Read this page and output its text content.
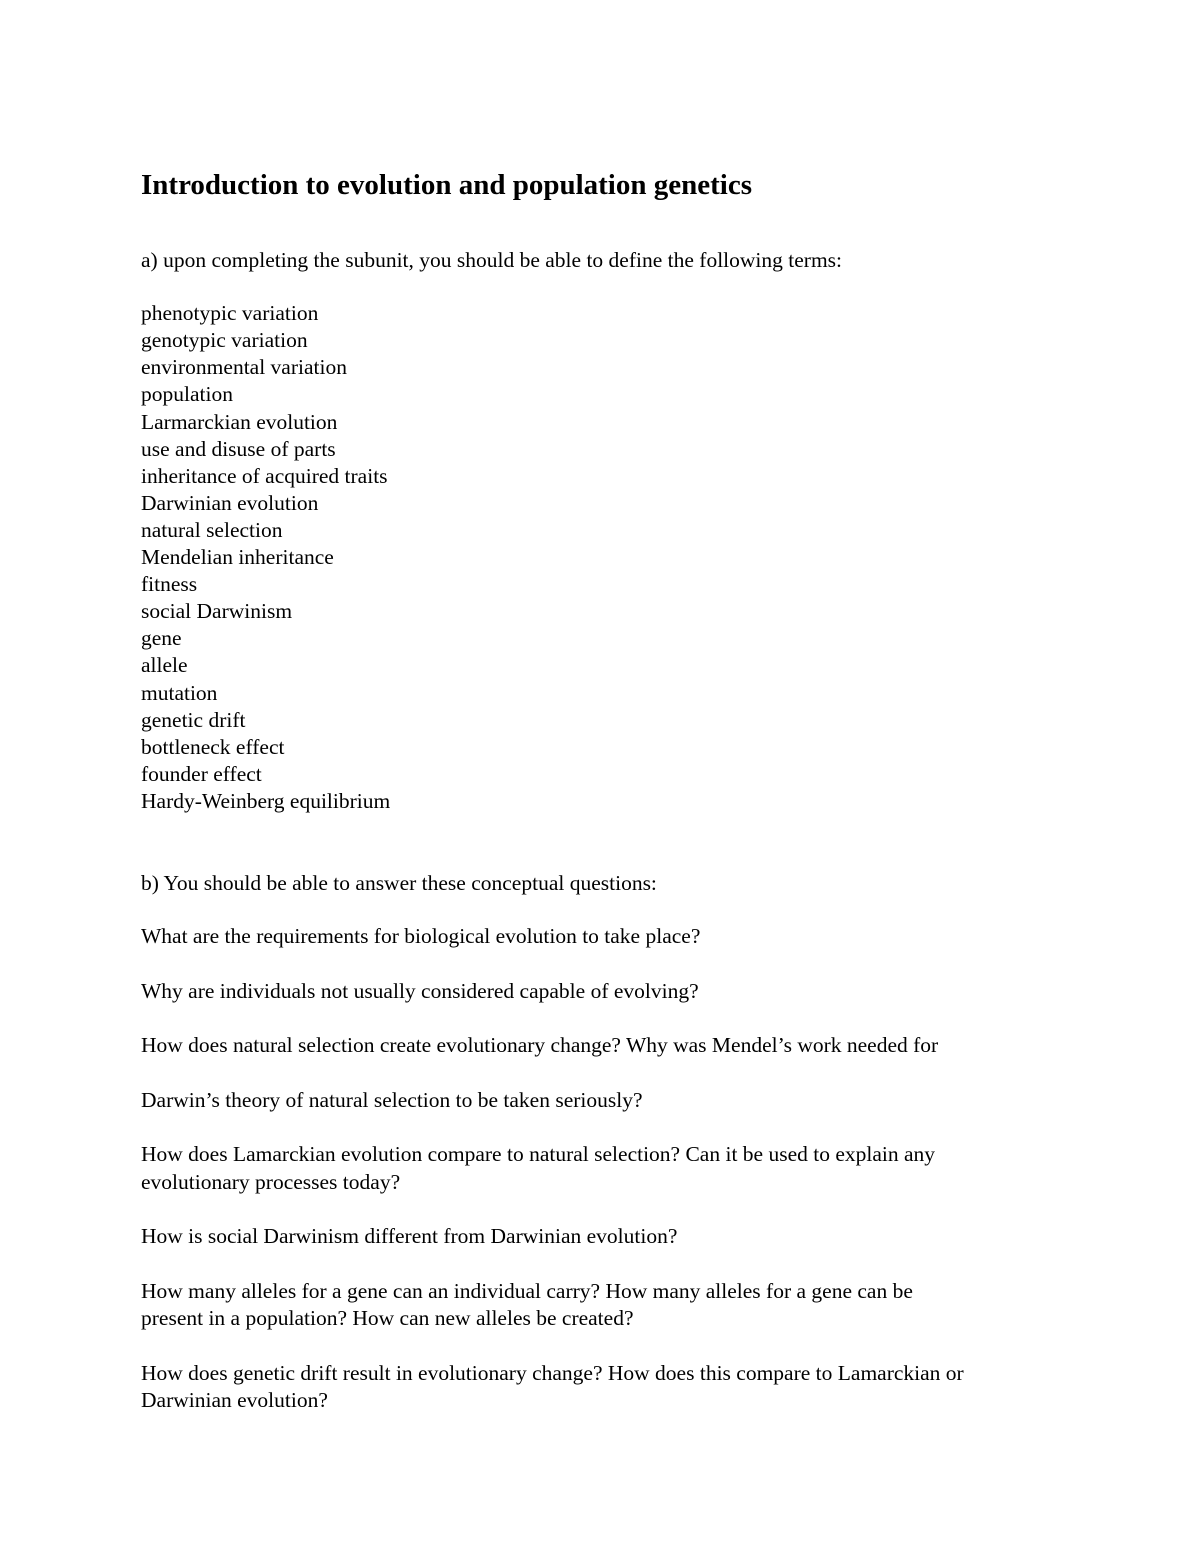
Introduction to evolution and population genetics

a) upon completing the subunit, you should be able to define the following terms:

phenotypic variation
genotypic variation
environmental variation
population
Larmarckian evolution
use and disuse of parts
inheritance of acquired traits
Darwinian evolution
natural selection
Mendelian inheritance
fitness
social Darwinism
gene
allele
mutation
genetic drift
bottleneck effect
founder effect
Hardy-Weinberg equilibrium

b) You should be able to answer these conceptual questions:

What are the requirements for biological evolution to take place?

Why are individuals not usually considered capable of evolving?

How does natural selection create evolutionary change? Why was Mendel’s work needed for

Darwin’s theory of natural selection to be taken seriously?

How does Lamarckian evolution compare to natural selection? Can it be used to explain any
evolutionary processes today?

How is social Darwinism different from Darwinian evolution?

How many alleles for a gene can an individual carry? How many alleles for a gene can be
present in a population? How can new alleles be created?

How does genetic drift result in evolutionary change? How does this compare to Lamarckian or
Darwinian evolution?
